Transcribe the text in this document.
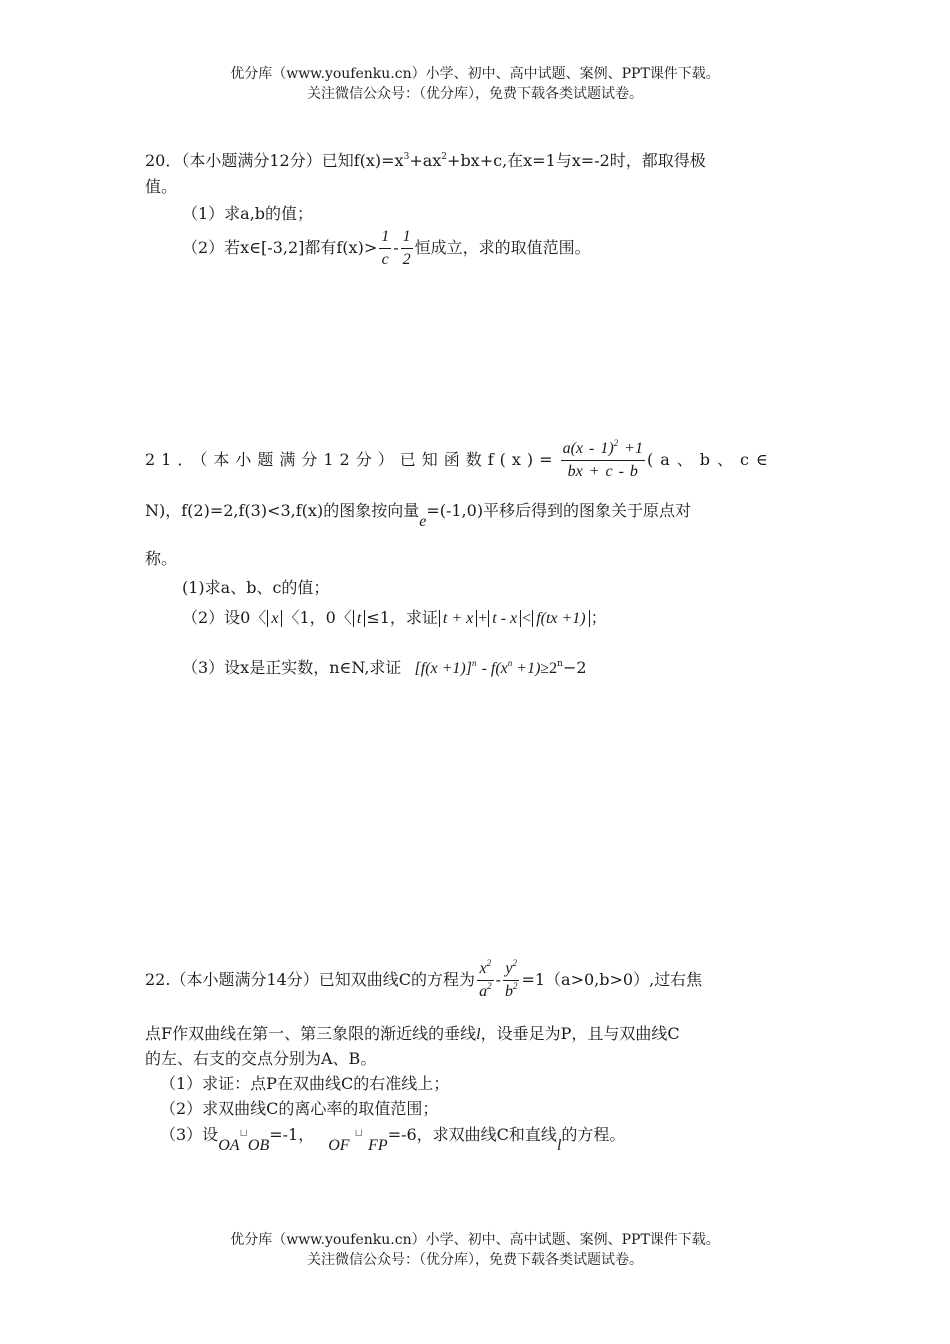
优分库（www.youfenku.cn）小学、初中、高中试题、案例、PPT课件下载。
关注微信公众号：（优分库），免费下载各类试题试卷。
20．（本小题满分12分）已知$f(x)=x^3+ax^2+bx+c$,在x=1与x=-2时，都取得极
值。
（1）求a,b的值；
（2）若x∈[-3,2]都有$f(x)> \frac{1}{c} - \frac{1}{2}$ 恒成立，求的取值范围。
21．（本小题满分12分）已知函数$f(x)= \frac{a(x - 1)^2 +1}{bx + c - b} (a$、b、c∈
N)，f(2)=2,f(3)<3,f(x)的图象按向量e=(-1,0)平移后得到的图象关于原点对
称。
(1)求a、b、c的值；
（2）设0〈 x 〈1，0〈 t ≤1，求证 t + x + t - x < f(tx +1) ；
（3）设x是正实数，n∈N,求证 $[f(x +1)]^n - f(x^n +1)\ge 2^n-2$
22.（本小题满分14分）已知双曲线C的方程为 $\frac{x^2}{a^2} - \frac{y^2}{b^2} =1(a>0,b>0)$,过右焦
点F作双曲线在第一、第三象限的渐近线的垂线l，设垂足为P，且与双曲线C
的左、右支的交点分别为A、B。
（1）求证：点P在双曲线C的右准线上；
（2）求双曲线C的离心率的取值范围；
（3）设OA⊔OB=-1，OF ⊔ FP=-6，求双曲线C和直线l的方程。
优分库（www.youfenku.cn）小学、初中、高中试题、案例、PPT课件下载。
关注微信公众号：（优分库），免费下载各类试题试卷。
